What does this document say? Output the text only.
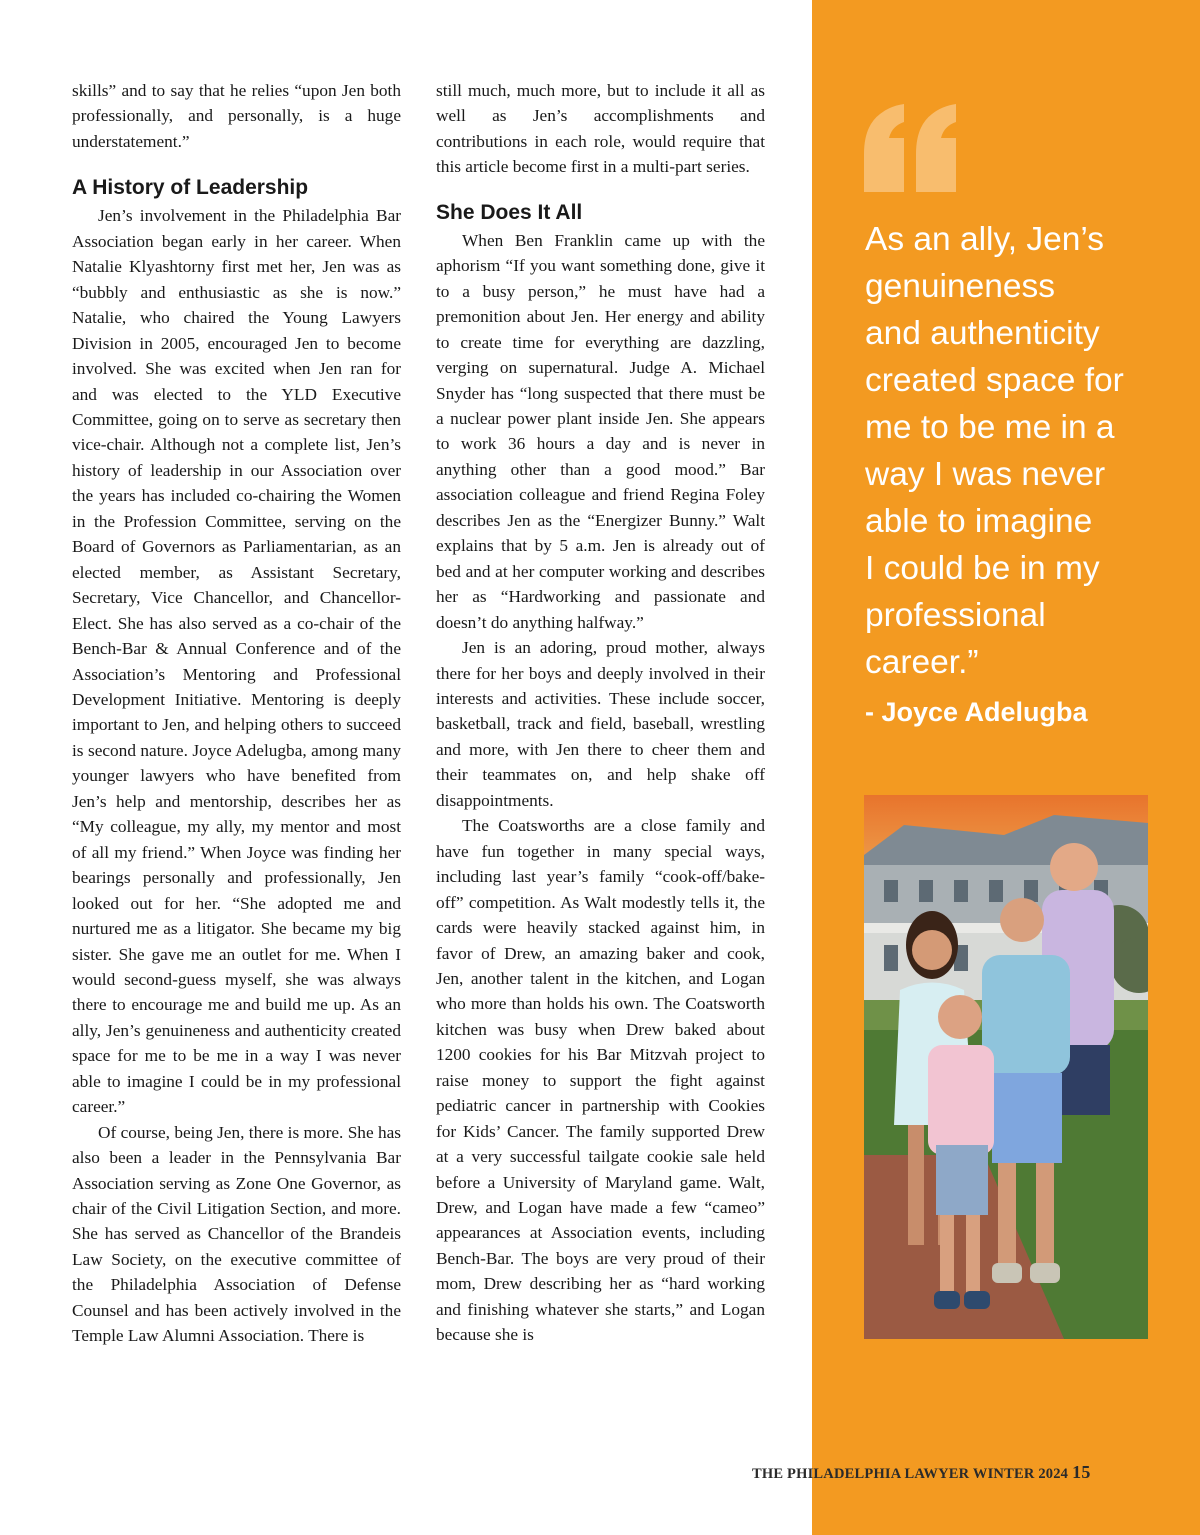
skills” and to say that he relies “upon Jen both professionally, and personally, is a huge understatement.”

A History of Leadership

Jen’s involvement in the Philadelphia Bar Association began early in her career. When Natalie Klyashtorny first met her, Jen was as “bubbly and enthusiastic as she is now.” Natalie, who chaired the Young Lawyers Division in 2005, encouraged Jen to become involved. She was excited when Jen ran for and was elected to the YLD Executive Committee, going on to serve as secretary then vice-chair. Although not a complete list, Jen’s history of leadership in our Association over the years has included co-chairing the Women in the Profession Committee, serving on the Board of Governors as Parliamentarian, as an elected member, as Assistant Secretary, Secretary, Vice Chancellor, and Chancellor-Elect. She has also served as a co-chair of the Bench-Bar & Annual Conference and of the Association’s Mentoring and Professional Development Initiative. Mentoring is deeply important to Jen, and helping others to succeed is second nature. Joyce Adelugba, among many younger lawyers who have benefited from Jen’s help and mentorship, describes her as “My colleague, my ally, my mentor and most of all my friend.” When Joyce was finding her bearings personally and professionally, Jen looked out for her. “She adopted me and nurtured me as a litigator. She became my big sister. She gave me an outlet for me. When I would second-guess myself, she was always there to encourage me and build me up. As an ally, Jen’s genuineness and authenticity created space for me to be me in a way I was never able to imagine I could be in my professional career.”

Of course, being Jen, there is more. She has also been a leader in the Pennsylvania Bar Association serving as Zone One Governor, as chair of the Civil Litigation Section, and more. She has served as Chancellor of the Brandeis Law Society, on the executive committee of the Philadelphia Association of Defense Counsel and has been actively involved in the Temple Law Alumni Association. There is

still much, much more, but to include it all as well as Jen’s accomplishments and contributions in each role, would require that this article become first in a multi-part series.

She Does It All

When Ben Franklin came up with the aphorism “If you want something done, give it to a busy person,” he must have had a premonition about Jen. Her energy and ability to create time for everything are dazzling, verging on supernatural. Judge A. Michael Snyder has “long suspected that there must be a nuclear power plant inside Jen. She appears to work 36 hours a day and is never in anything other than a good mood.” Bar association colleague and friend Regina Foley describes Jen as the “Energizer Bunny.” Walt explains that by 5 a.m. Jen is already out of bed and at her computer working and describes her as “Hardworking and passionate and doesn’t do anything halfway.”

Jen is an adoring, proud mother, always there for her boys and deeply involved in their interests and activities. These include soccer, basketball, track and field, baseball, wrestling and more, with Jen there to cheer them and their teammates on, and help shake off disappointments.

The Coatsworths are a close family and have fun together in many special ways, including last year’s family “cook-off/bake-off” competition. As Walt modestly tells it, the cards were heavily stacked against him, in favor of Drew, an amazing baker and cook, Jen, another talent in the kitchen, and Logan who more than holds his own. The Coatsworth kitchen was busy when Drew baked about 1200 cookies for his Bar Mitzvah project to raise money to support the fight against pediatric cancer in partnership with Cookies for Kids’ Cancer. The family supported Drew at a very successful tailgate cookie sale held before a University of Maryland game. Walt, Drew, and Logan have made a few “cameo” appearances at Association events, including Bench-Bar. The boys are very proud of their mom, Drew describing her as “hard working and finishing whatever she starts,” and Logan because she is

As an ally, Jen’s
genuineness
and authenticity
created space for
me to be me in a
way I was never
able to imagine
I could be in my
professional
career.”

- Joyce Adelugba

THE PHILADELPHIA LAWYER WINTER 2024 15
